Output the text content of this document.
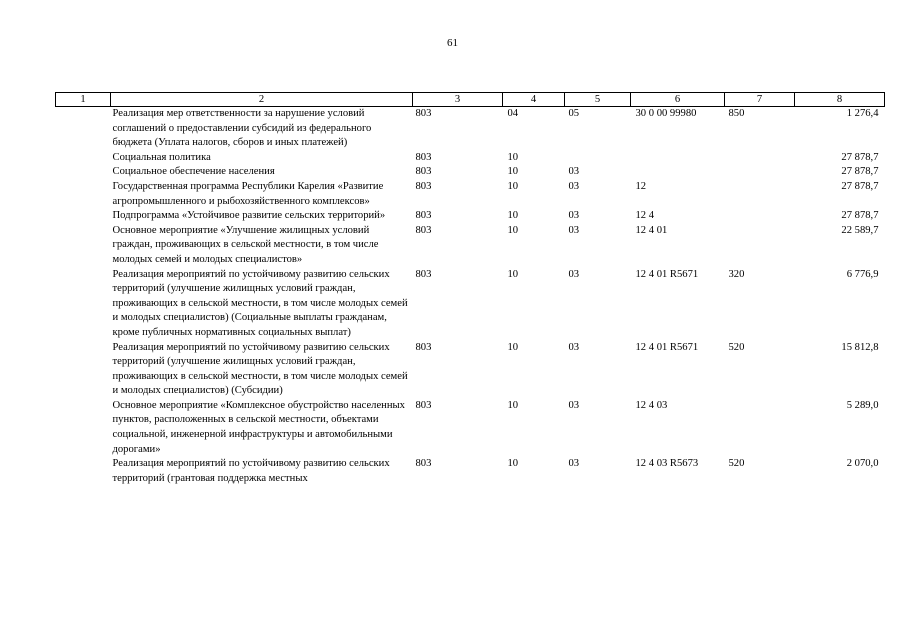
61
1	2	3	4	5	6	7	8
	Реализация мер ответственности за нарушение условий соглашений о предоставлении субсидий из федерального бюджета (Уплата налогов, сборов и иных платежей)	803	04	05	30 0 00 99980	850	1 276,4
	Социальная политика	803	10				27 878,7
	Социальное обеспечение населения	803	10	03			27 878,7
	Государственная программа Республики Карелия «Развитие агропромышленного и рыбохозяйственного комплексов»	803	10	03	12		27 878,7
	Подпрограмма «Устойчивое развитие сельских территорий»	803	10	03	12 4		27 878,7
	Основное мероприятие «Улучшение жилищных условий граждан, проживающих в сельской местности, в том числе молодых семей и молодых специалистов»	803	10	03	12 4 01		22 589,7
	Реализация мероприятий по устойчивому развитию сельских территорий (улучшение жилищных условий граждан, проживающих в сельской местности, в том числе молодых семей и молодых специалистов) (Социальные выплаты гражданам, кроме публичных нормативных социальных выплат)	803	10	03	12 4 01 R5671	320	6 776,9
	Реализация мероприятий по устойчивому развитию сельских территорий (улучшение жилищных условий граждан, проживающих в сельской местности, в том числе молодых семей и молодых специалистов) (Субсидии)	803	10	03	12 4 01 R5671	520	15 812,8
	Основное мероприятие «Комплексное обустройство населенных пунктов, расположенных в сельской местности, объектами социальной, инженерной инфраструктуры и автомобильными дорогами»	803	10	03	12 4 03		5 289,0
	Реализация мероприятий по устойчивому развитию сельских территорий (грантовая поддержка местных	803	10	03	12 4 03 R5673	520	2 070,0
